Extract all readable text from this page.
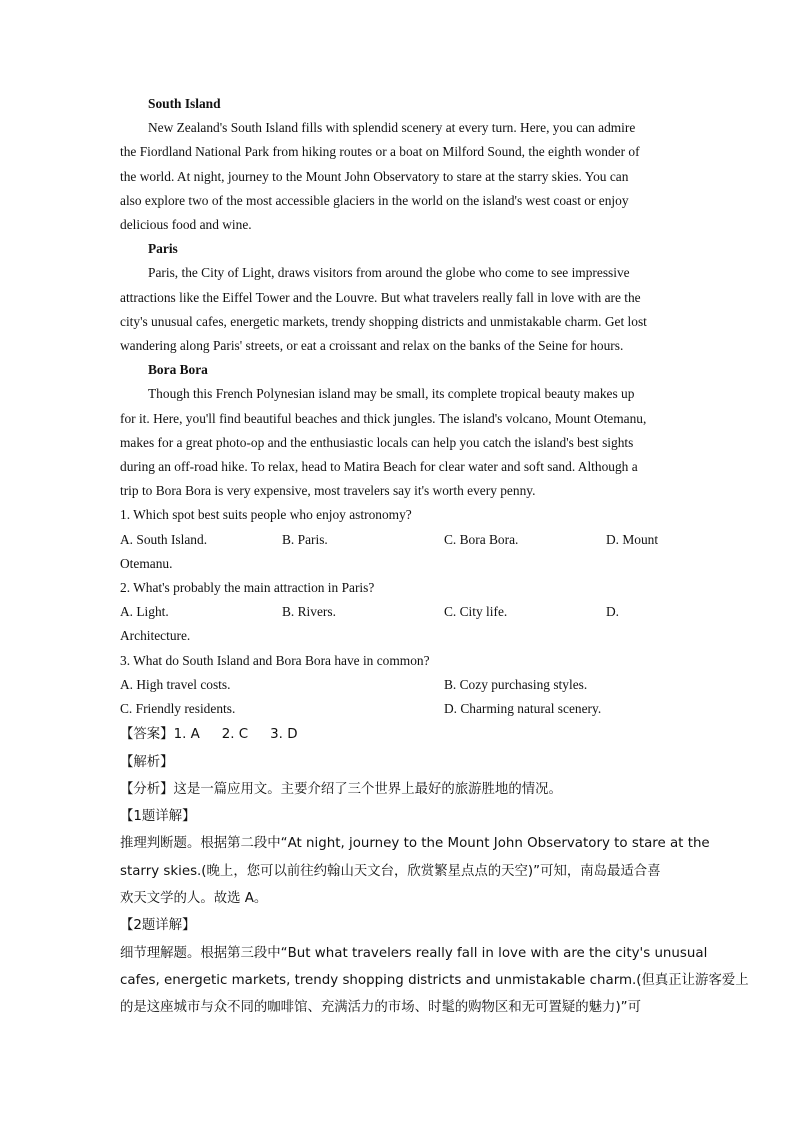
South Island
New Zealand's South Island fills with splendid scenery at every turn. Here, you can admire
the Fiordland National Park from hiking routes or a boat on Milford Sound, the eighth wonder of
the world. At night, journey to the Mount John Observatory to stare at the starry skies. You can
also explore two of the most accessible glaciers in the world on the island's west coast or enjoy
delicious food and wine.
Paris
Paris, the City of Light, draws visitors from around the globe who come to see impressive
attractions like the Eiffel Tower and the Louvre. But what travelers really fall in love with are the
city's unusual cafes, energetic markets, trendy shopping districts and unmistakable charm. Get lost
wandering along Paris' streets, or eat a croissant and relax on the banks of the Seine for hours.
Bora Bora
Though this French Polynesian island may be small, its complete tropical beauty makes up
for it. Here, you'll find beautiful beaches and thick jungles. The island's volcano, Mount Otemanu,
makes for a great photo-op and the enthusiastic locals can help you catch the island's best sights
during an off-road hike. To relax, head to Matira Beach for clear water and soft sand. Although a
trip to Bora Bora is very expensive, most travelers say it's worth every penny.
1. Which spot best suits people who enjoy astronomy?
A. South Island.	B. Paris.	C. Bora Bora.	D. Mount
Otemanu.
2. What's probably the main attraction in Paris?
A. Light.	B. Rivers.	C. City life.	D.
Architecture.
3. What do South Island and Bora Bora have in common?
A. High travel costs.	B. Cozy purchasing styles.
C. Friendly residents.	D. Charming natural scenery.
【答案】1. A 2. C 3. D
【解析】
【分析】这是一篇应用文。主要介绍了三个世界上最好的旅游胜地的情况。
【1题详解】
推理判断题。根据第二段中“At night, journey to the Mount John Observatory to stare at the
starry skies.(晚上，您可以前往约翰山天文台，欣赏繁星点点的天空)”可知，南岛最适合喜
欢天文学的人。故选 A。
【2题详解】
细节理解题。根据第三段中“But what travelers really fall in love with are the city's unusual
cafes, energetic markets, trendy shopping districts and unmistakable charm.(但真正让游客爱上
的是这座城市与众不同的咖啡馆、充满活力的市场、时髦的购物区和无可置疑的魅力)”可
